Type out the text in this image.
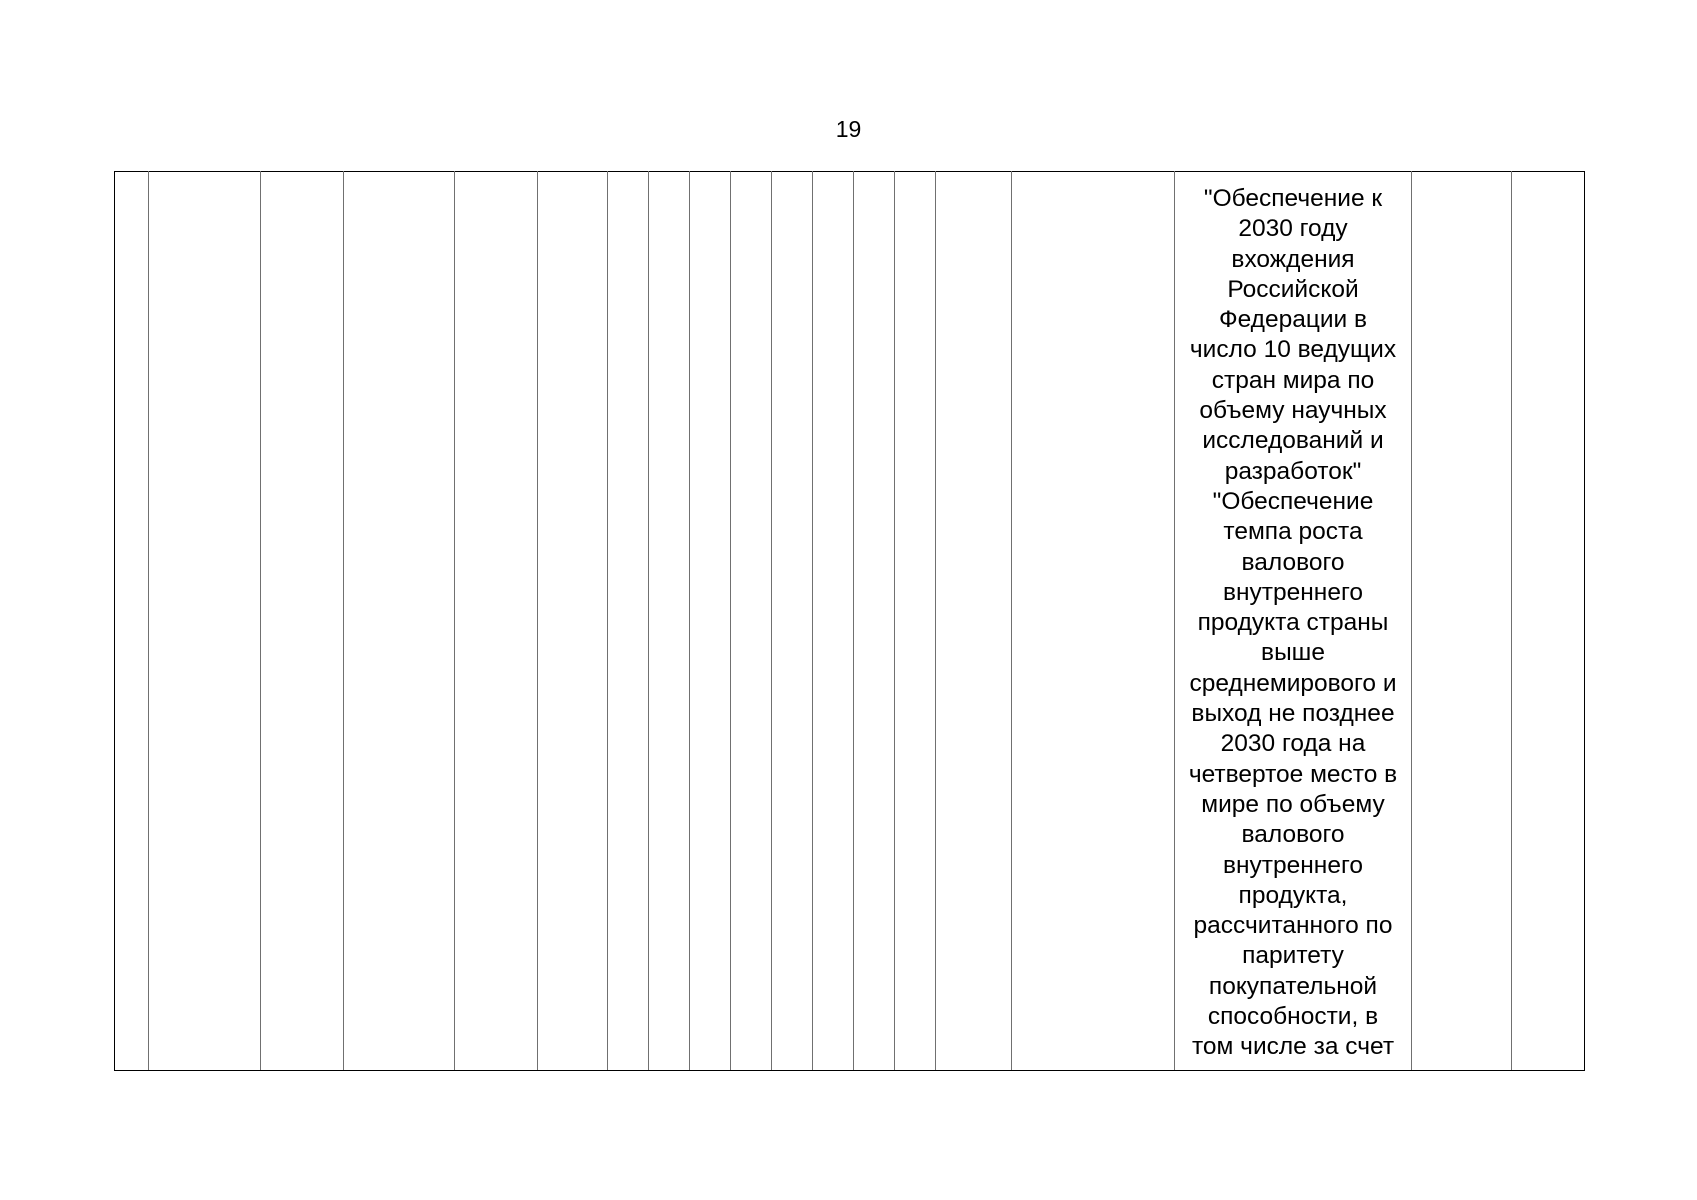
19

"Обеспечение к
2030 году
вхождения
Российской
Федерации в
число 10 ведущих
стран мира по
объему научных
исследований и
разработок"
"Обеспечение
темпа роста
валового
внутреннего
продукта страны
выше
среднемирового и
выход не позднее
2030 года на
четвертое место в
мире по объему
валового
внутреннего
продукта,
рассчитанного по
паритету
покупательной
способности, в
том числе за счет
